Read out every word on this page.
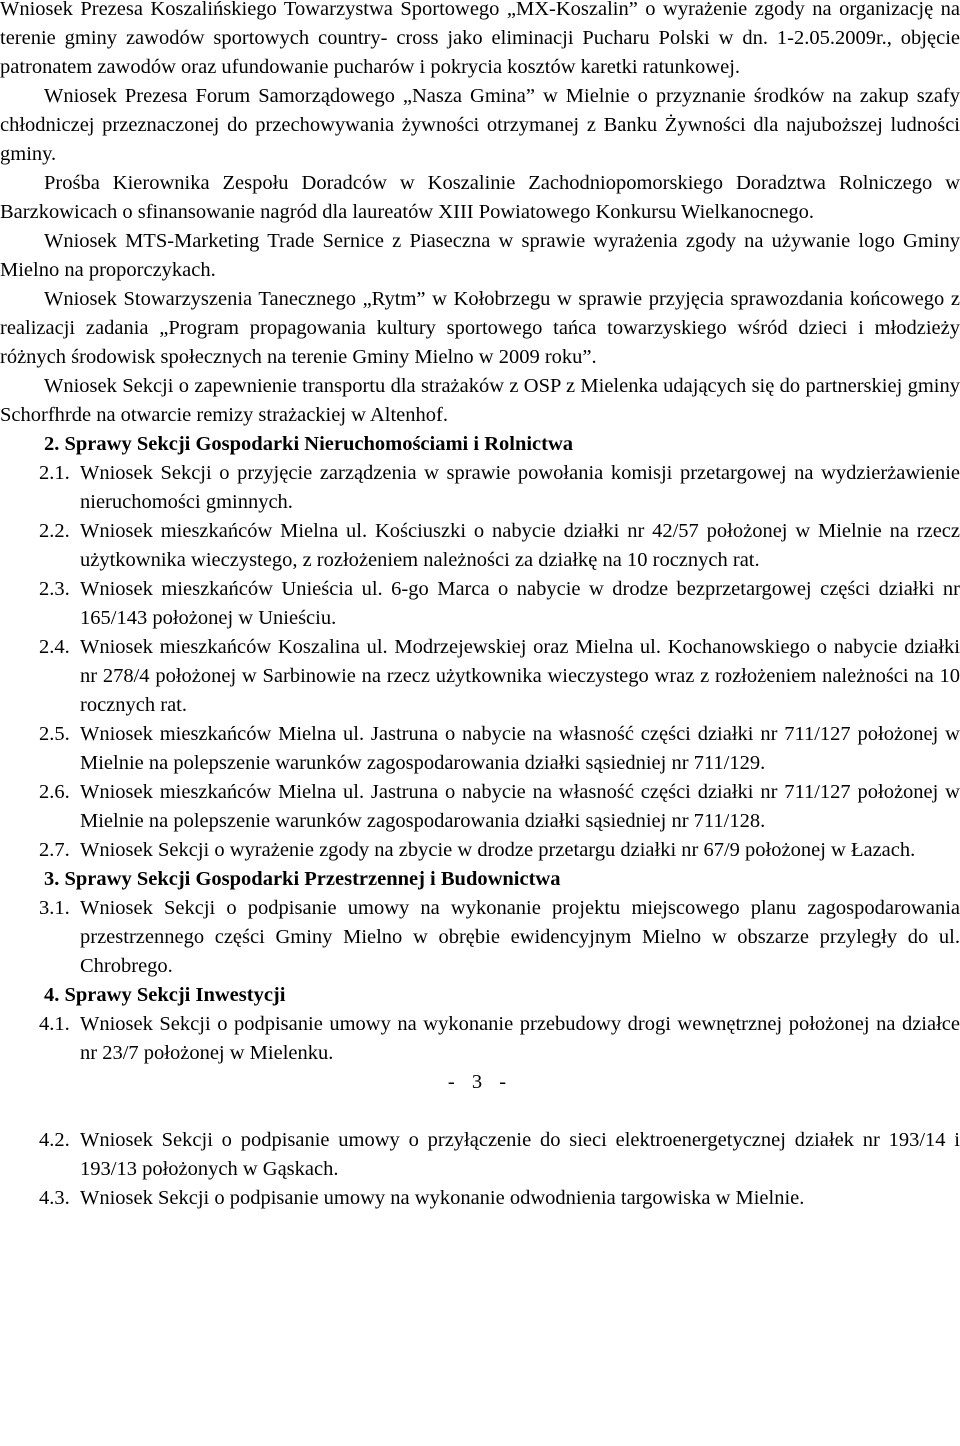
Wniosek Prezesa Koszalińskiego Towarzystwa Sportowego „MX-Koszalin” o wyrażenie zgody na organizację na terenie gminy zawodów sportowych country- cross jako eliminacji Pucharu Polski w dn. 1-2.05.2009r., objęcie patronatem zawodów oraz ufundowanie pucharów i pokrycia kosztów karetki ratunkowej.

Wniosek Prezesa Forum Samorządowego „Nasza Gmina” w Mielnie o przyznanie środków na zakup szafy chłodniczej przeznaczonej do przechowywania żywności otrzymanej z Banku Żywności dla najuboższej ludności gminy.

Prośba Kierownika Zespołu Doradców w Koszalinie Zachodniopomorskiego Doradztwa Rolniczego w Barzkowicach o sfinansowanie nagród dla laureatów XIII Powiatowego Konkursu Wielkanocnego.

Wniosek MTS-Marketing Trade Sernice z Piaseczna w sprawie wyrażenia zgody na używanie logo Gminy Mielno na proporczykach.

Wniosek Stowarzyszenia Tanecznego „Rytm” w Kołobrzegu w sprawie przyjęcia sprawozdania końcowego z realizacji zadania „Program propagowania kultury sportowego tańca towarzyskiego wśród dzieci i młodzieży różnych środowisk społecznych na terenie Gminy Mielno w 2009 roku”.

Wniosek Sekcji o zapewnienie transportu dla strażaków z OSP z Mielenka udających się do partnerskiej gminy Schorfhrde na otwarcie remizy strażackiej w Altenhof.

2. Sprawy Sekcji Gospodarki Nieruchomościami i Rolnictwa

2.1. Wniosek Sekcji o przyjęcie zarządzenia w sprawie powołania komisji przetargowej na wydzierżawienie nieruchomości gminnych.
2.2. Wniosek mieszkańców Mielna ul. Kościuszki o nabycie działki nr 42/57 położonej w Mielnie na rzecz użytkownika wieczystego, z rozłożeniem należności za działkę na 10 rocznych rat.
2.3. Wniosek mieszkańców Unieścia ul. 6-go Marca o nabycie w drodze bezprzetargowej części działki nr 165/143 położonej w Unieściu.
2.4. Wniosek mieszkańców Koszalina ul. Modrzejewskiej oraz Mielna ul. Kochanowskiego o nabycie działki nr 278/4 położonej w Sarbinowie na rzecz użytkownika wieczystego wraz z rozłożeniem należności na 10 rocznych rat.
2.5. Wniosek mieszkańców Mielna ul. Jastruna o nabycie na własność części działki nr 711/127 położonej w Mielnie na polepszenie warunków zagospodarowania działki sąsiedniej nr 711/129.
2.6. Wniosek mieszkańców Mielna ul. Jastruna o nabycie na własność części działki nr 711/127 położonej w Mielnie na polepszenie warunków zagospodarowania działki sąsiedniej nr 711/128.
2.7. Wniosek Sekcji o wyrażenie zgody na zbycie w drodze przetargu działki nr 67/9 położonej w Łazach.

3. Sprawy Sekcji Gospodarki Przestrzennej i Budownictwa

3.1. Wniosek Sekcji o podpisanie umowy na wykonanie projektu miejscowego planu zagospodarowania przestrzennego części Gminy Mielno w obrębie ewidencyjnym Mielno w obszarze przyległy do ul. Chrobrego.

4. Sprawy Sekcji Inwestycji

4.1. Wniosek Sekcji o podpisanie umowy na wykonanie przebudowy drogi wewnętrznej położonej na działce nr 23/7 położonej w Mielenku.

- 3 -

4.2. Wniosek Sekcji o podpisanie umowy o przyłączenie do sieci elektroenergetycznej działek nr 193/14 i 193/13 położonych w Gąskach.
4.3. Wniosek Sekcji o podpisanie umowy na wykonanie odwodnienia targowiska w Mielnie.
